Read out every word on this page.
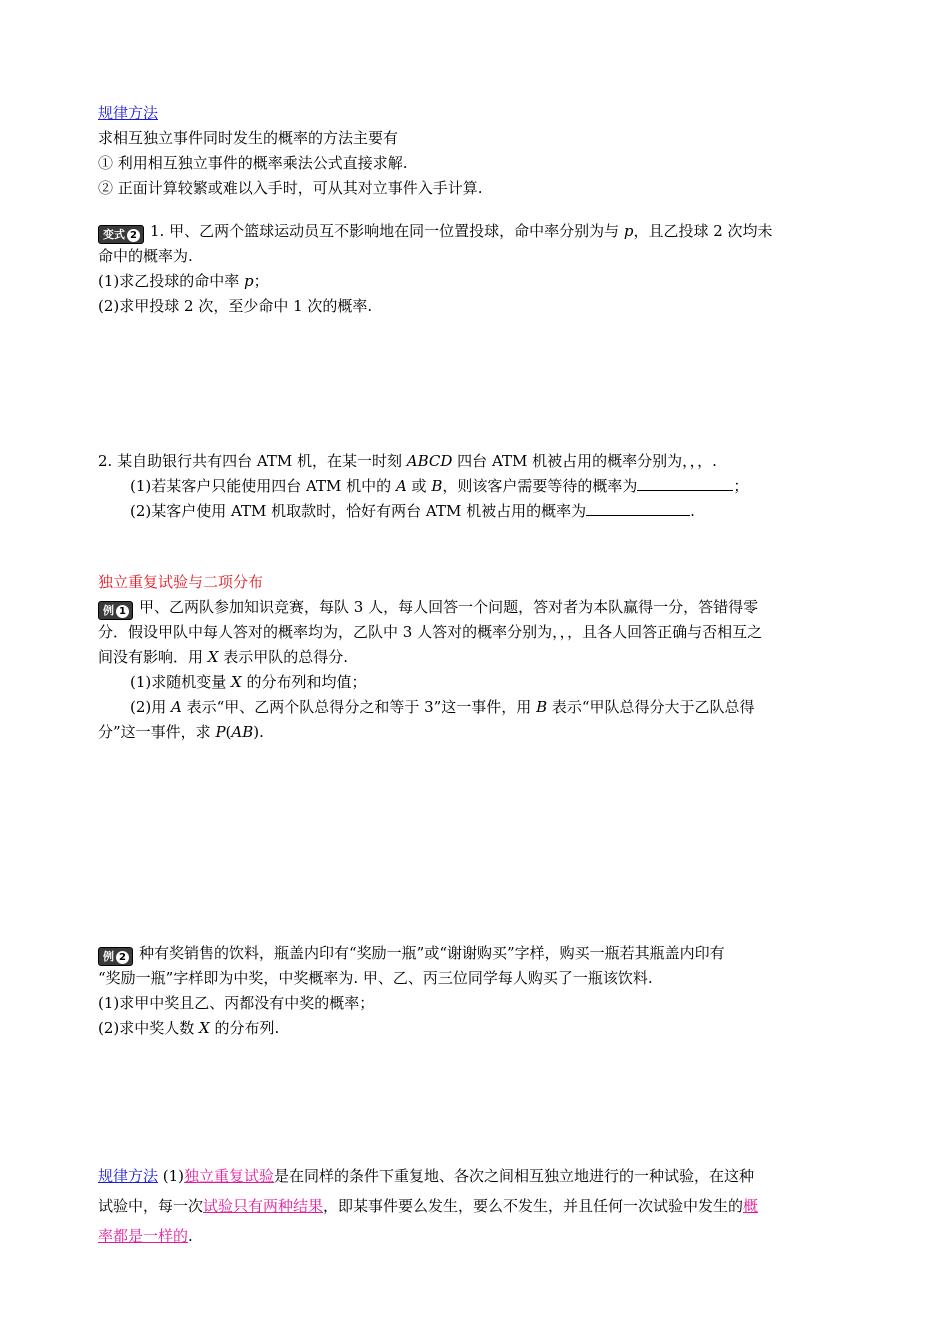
规律方法
求相互独立事件同时发生的概率的方法主要有
① 利用相互独立事件的概率乘法公式直接求解.
② 正面计算较繁或难以入手时，可从其对立事件入手计算.
变式 2 1. 甲、乙两个篮球运动员互不影响地在同一位置投球，命中率分别为与 p，且乙投球 2 次均未
命中的概率为.
(1)求乙投球的命中率 p；
(2)求甲投球 2 次，至少命中 1 次的概率.
2. 某自助银行共有四台 ATM 机，在某一时刻 ABCD 四台 ATM 机被占用的概率分别为，，，.
(1)若某客户只能使用四台 ATM 机中的 A 或 B，则该客户需要等待的概率为	；
(2)某客户使用 ATM 机取款时，恰好有两台 ATM 机被占用的概率为	.
独立重复试验与二项分布
例 1 甲、乙两队参加知识竞赛，每队 3 人，每人回答一个问题，答对者为本队赢得一分，答错得零
分．假设甲队中每人答对的概率均为，乙队中 3 人答对的概率分别为，，，且各人回答正确与否相互之
间没有影响．用 X 表示甲队的总得分.
(1)求随机变量 X 的分布列和均值；
(2)用 A 表示“甲、乙两个队总得分之和等于 3”这一事件，用 B 表示“甲队总得分大于乙队总得
分”这一事件，求 P(AB).
例 2 种有奖销售的饮料，瓶盖内印有“奖励一瓶”或“谢谢购买”字样，购买一瓶若其瓶盖内印有
“奖励一瓶”字样即为中奖，中奖概率为. 甲、乙、丙三位同学每人购买了一瓶该饮料.
(1)求甲中奖且乙、丙都没有中奖的概率；
(2)求中奖人数 X 的分布列.
规律方法 (1)独立重复试验是在同样的条件下重复地、各次之间相互独立地进行的一种试验，在这种
试验中，每一次试验只有两种结果，即某事件要么发生，要么不发生，并且任何一次试验中发生的概
率都是一样的.
